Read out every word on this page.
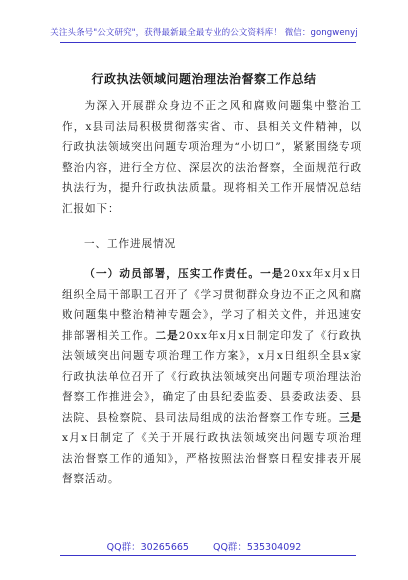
关注头条号"公文研究"，获得最新最全最专业的公文资料库！ 微信：gongwenyj
行政执法领域问题治理法治督察工作总结
为深入开展群众身边不正之风和腐败问题集中整治工作，x县司法局积极贯彻落实省、市、县相关文件精神，以行政执法领域突出问题专项治理为“小切口”，紧紧围绕专项整治内容，进行全方位、深层次的法治督察，全面规范行政执法行为，提升行政执法质量。现将相关工作开展情况总结汇报如下：
一、工作进展情况
（一）动员部署，压实工作责任。一是20xx年x月x日组织全局干部职工召开了《学习贯彻群众身边不正之风和腐败问题集中整治精神专题会》，学习了相关文件，并迅速安排部署相关工作。二是20xx年x月x日制定印发了《行政执法领域突出问题专项治理工作方案》，x月x日组织全县x家行政执法单位召开了《行政执法领域突出问题专项治理法治督察工作推进会》，确定了由县纪委监委、县委政法委、县法院、县检察院、县司法局组成的法治督察工作专班。三是x月x日制定了《关于开展行政执法领域突出问题专项治理法治督察工作的通知》，严格按照法治督察日程安排表开展督察活动。
QQ群：30265665	QQ群：535304092
